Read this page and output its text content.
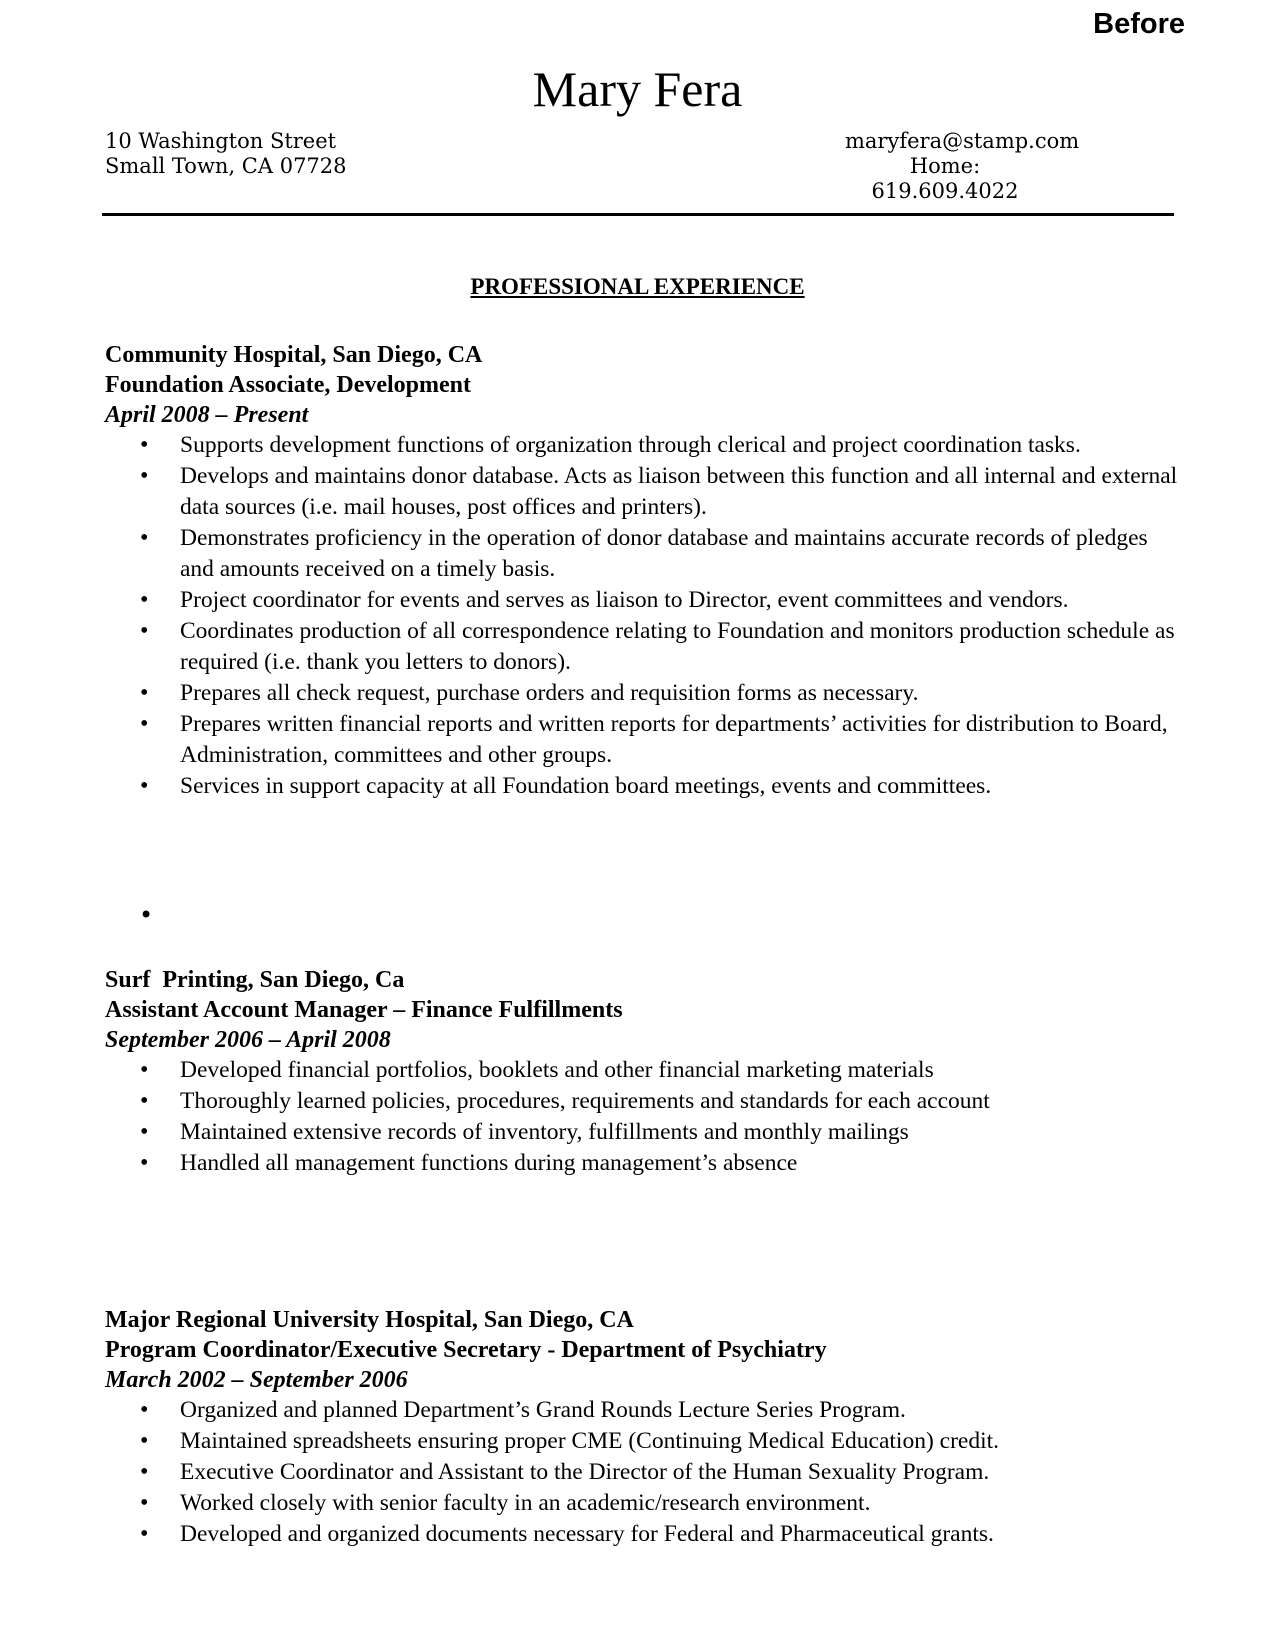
Before
Mary Fera
10 Washington Street
Small Town, CA 07728
maryfera@stamp.com
Home: 619.609.4022
PROFESSIONAL EXPERIENCE
Community Hospital, San Diego, CA
Foundation Associate, Development
April 2008 – Present
• Supports development functions of organization through clerical and project coordination tasks.
• Develops and maintains donor database. Acts as liaison between this function and all internal and external data sources (i.e. mail houses, post offices and printers).
• Demonstrates proficiency in the operation of donor database and maintains accurate records of pledges and amounts received on a timely basis.
• Project coordinator for events and serves as liaison to Director, event committees and vendors.
• Coordinates production of all correspondence relating to Foundation and monitors production schedule as required (i.e. thank you letters to donors).
• Prepares all check request, purchase orders and requisition forms as necessary.
• Prepares written financial reports and written reports for departments’ activities for distribution to Board, Administration, committees and other groups.
• Services in support capacity at all Foundation board meetings, events and committees.
•
Surf  Printing, San Diego, Ca
Assistant Account Manager – Finance Fulfillments
September 2006 – April 2008
• Developed financial portfolios, booklets and other financial marketing materials
• Thoroughly learned policies, procedures, requirements and standards for each account
• Maintained extensive records of inventory, fulfillments and monthly mailings
• Handled all management functions during management’s absence
Major Regional University Hospital, San Diego, CA
Program Coordinator/Executive Secretary - Department of Psychiatry
March 2002 – September 2006
• Organized and planned Department’s Grand Rounds Lecture Series Program.
• Maintained spreadsheets ensuring proper CME (Continuing Medical Education) credit.
• Executive Coordinator and Assistant to the Director of the Human Sexuality Program.
• Worked closely with senior faculty in an academic/research environment.
• Developed and organized documents necessary for Federal and Pharmaceutical grants.
